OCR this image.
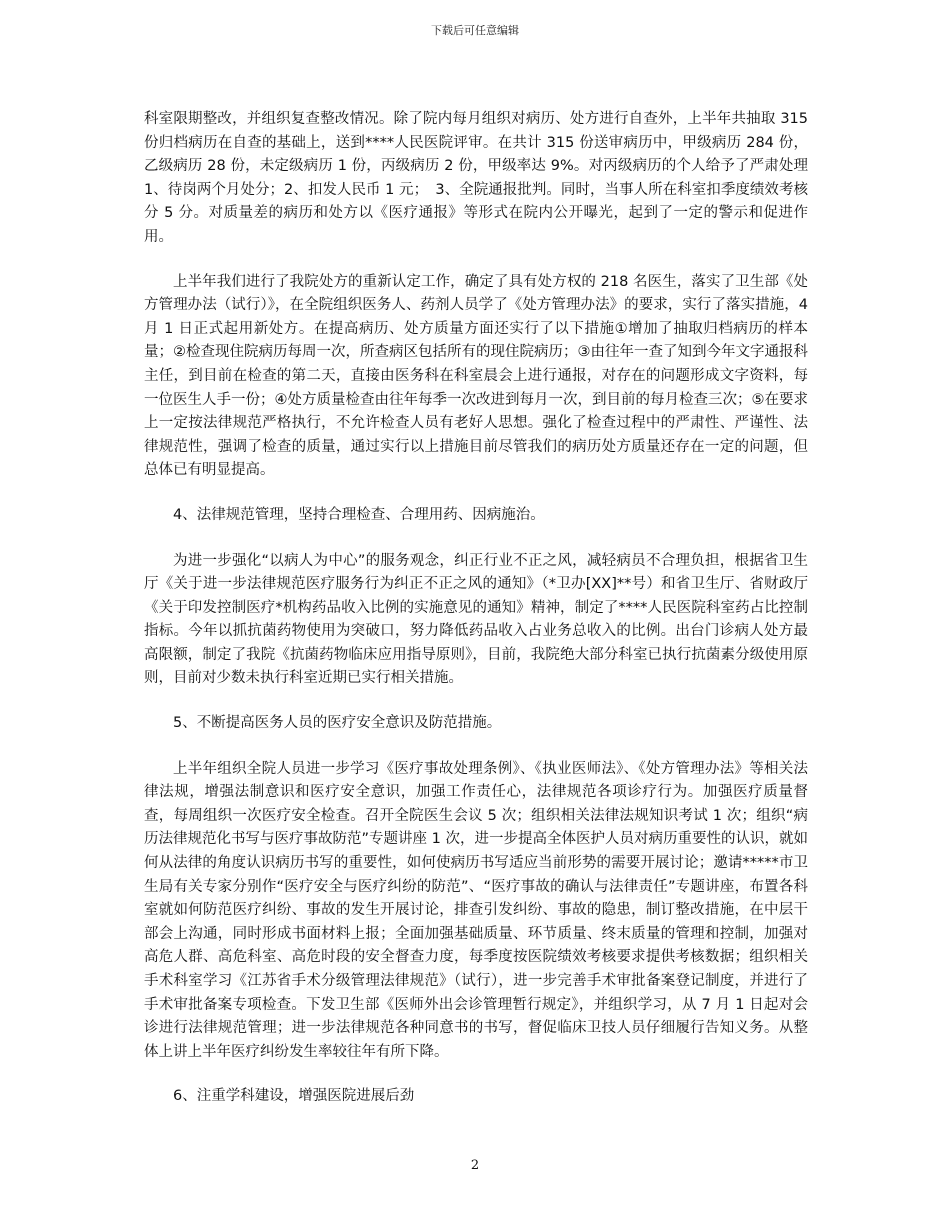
下载后可任意编辑

科室限期整改，并组织复查整改情况。除了院内每月组织对病历、处方进行自查外，上半年共抽取 315 份归档病历在自查的基础上，送到****人民医院评审。在共计 315 份送审病历中，甲级病历 284 份，乙级病历 28 份，未定级病历 1 份，丙级病历 2 份，甲级率达 9%。对丙级病历的个人给予了严肃处理 1、待岗两个月处分；2、扣发人民币 1 元；　3、全院通报批判。同时，当事人所在科室扣季度绩效考核分 5 分。对质量差的病历和处方以《医疗通报》等形式在院内公开曝光，起到了一定的警示和促进作用。

上半年我们进行了我院处方的重新认定工作，确定了具有处方权的 218 名医生，落实了卫生部《处方管理办法（试行）》，在全院组织医务人、药剂人员学了《处方管理办法》的要求，实行了落实措施，4 月 1 日正式起用新处方。在提高病历、处方质量方面还实行了以下措施①增加了抽取归档病历的样本量；②检查现住院病历每周一次，所查病区包括所有的现住院病历；③由往年一查了知到今年文字通报科主任，到目前在检查的第二天，直接由医务科在科室晨会上进行通报，对存在的问题形成文字资料，每一位医生人手一份；④处方质量检查由往年每季一次改进到每月一次，到目前的每月检查三次；⑤在要求上一定按法律规范严格执行，不允许检查人员有老好人思想。强化了检查过程中的严肃性、严谨性、法律规范性，强调了检查的质量，通过实行以上措施目前尽管我们的病历处方质量还存在一定的问题，但总体已有明显提高。

4、法律规范管理，坚持合理检查、合理用药、因病施治。

为进一步强化“以病人为中心”的服务观念，纠正行业不正之风，减轻病员不合理负担，根据省卫生厅《关于进一步法律规范医疗服务行为纠正不正之风的通知》（*卫办[XX]**号）和省卫生厅、省财政厅《关于印发控制医疗*机构药品收入比例的实施意见的通知》精神，制定了****人民医院科室药占比控制指标。今年以抓抗菌药物使用为突破口，努力降低药品收入占业务总收入的比例。出台门诊病人处方最高限额，制定了我院《抗菌药物临床应用指导原则》，目前，我院绝大部分科室已执行抗菌素分级使用原则，目前对少数未执行科室近期已实行相关措施。

5、不断提高医务人员的医疗安全意识及防范措施。

上半年组织全院人员进一步学习《医疗事故处理条例》、《执业医师法》、《处方管理办法》等相关法律法规，增强法制意识和医疗安全意识，加强工作责任心，法律规范各项诊疗行为。加强医疗质量督查，每周组织一次医疗安全检查。召开全院医生会议 5 次；组织相关法律法规知识考试 1 次；组织“病历法律规范化书写与医疗事故防范”专题讲座 1 次，进一步提高全体医护人员对病历重要性的认识，就如何从法律的角度认识病历书写的重要性，如何使病历书写适应当前形势的需要开展讨论；邀请*****市卫生局有关专家分别作“医疗安全与医疗纠纷的防范”、“医疗事故的确认与法律责任”专题讲座，布置各科室就如何防范医疗纠纷、事故的发生开展讨论，排查引发纠纷、事故的隐患，制订整改措施，在中层干部会上沟通，同时形成书面材料上报；全面加强基础质量、环节质量、终末质量的管理和控制，加强对高危人群、高危科室、高危时段的安全督查力度，每季度按医院绩效考核要求提供考核数据；组织相关手术科室学习《江苏省手术分级管理法律规范》（试行），进一步完善手术审批备案登记制度，并进行了手术审批备案专项检查。下发卫生部《医师外出会诊管理暂行规定》，并组织学习，从 7 月 1 日起对会诊进行法律规范管理；进一步法律规范各种同意书的书写，督促临床卫技人员仔细履行告知义务。从整体上讲上半年医疗纠纷发生率较往年有所下降。

6、注重学科建设，增强医院进展后劲

2
